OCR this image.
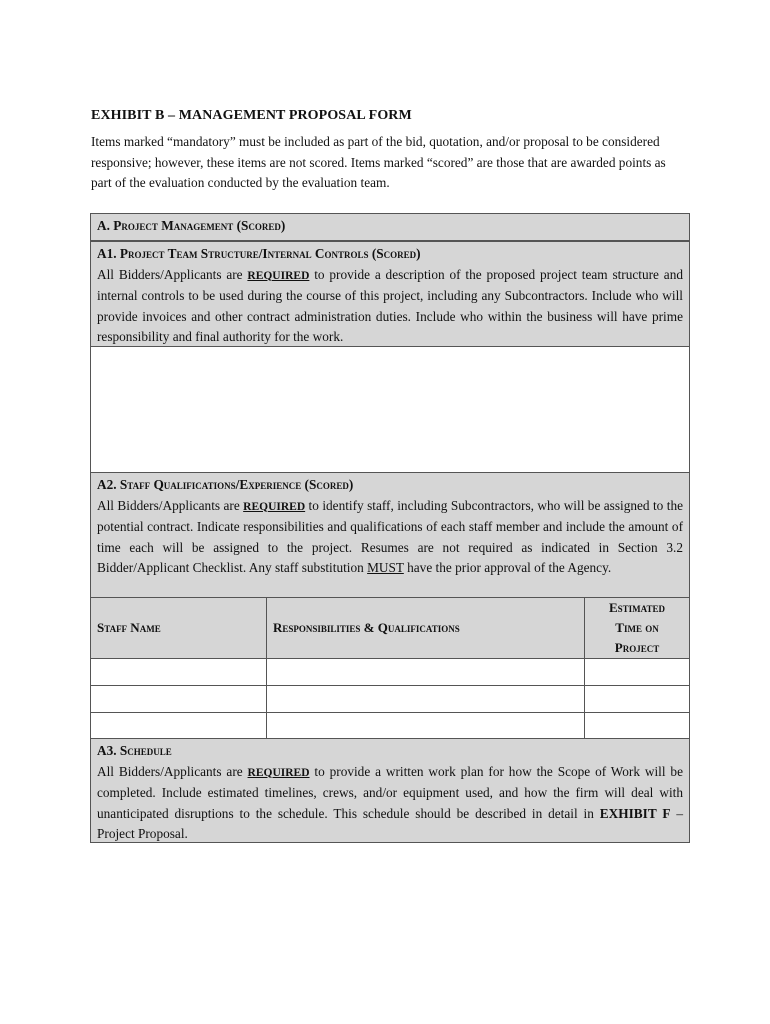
EXHIBIT B – MANAGEMENT PROPOSAL FORM
Items marked “mandatory” must be included as part of the bid, quotation, and/or proposal to be considered responsive; however, these items are not scored. Items marked “scored” are those that are awarded points as part of the evaluation conducted by the evaluation team.
A. Project Management (Scored)
A1. Project Team Structure/Internal Controls (Scored)
All Bidders/Applicants are REQUIRED to provide a description of the proposed project team structure and internal controls to be used during the course of this project, including any Subcontractors. Include who will provide invoices and other contract administration duties. Include who within the business will have prime responsibility and final authority for the work.
A2. Staff Qualifications/Experience (Scored)
All Bidders/Applicants are REQUIRED to identify staff, including Subcontractors, who will be assigned to the potential contract. Indicate responsibilities and qualifications of each staff member and include the amount of time each will be assigned to the project. Resumes are not required as indicated in Section 3.2 Bidder/Applicant Checklist. Any staff substitution MUST have the prior approval of the Agency.
Staff Name	Responsibilities & Qualifications	Estimated
Time on
Project

A3. Schedule
All Bidders/Applicants are REQUIRED to provide a written work plan for how the Scope of Work will be completed. Include estimated timelines, crews, and/or equipment used, and how the firm will deal with unanticipated disruptions to the schedule. This schedule should be described in detail in EXHIBIT F – Project Proposal.
